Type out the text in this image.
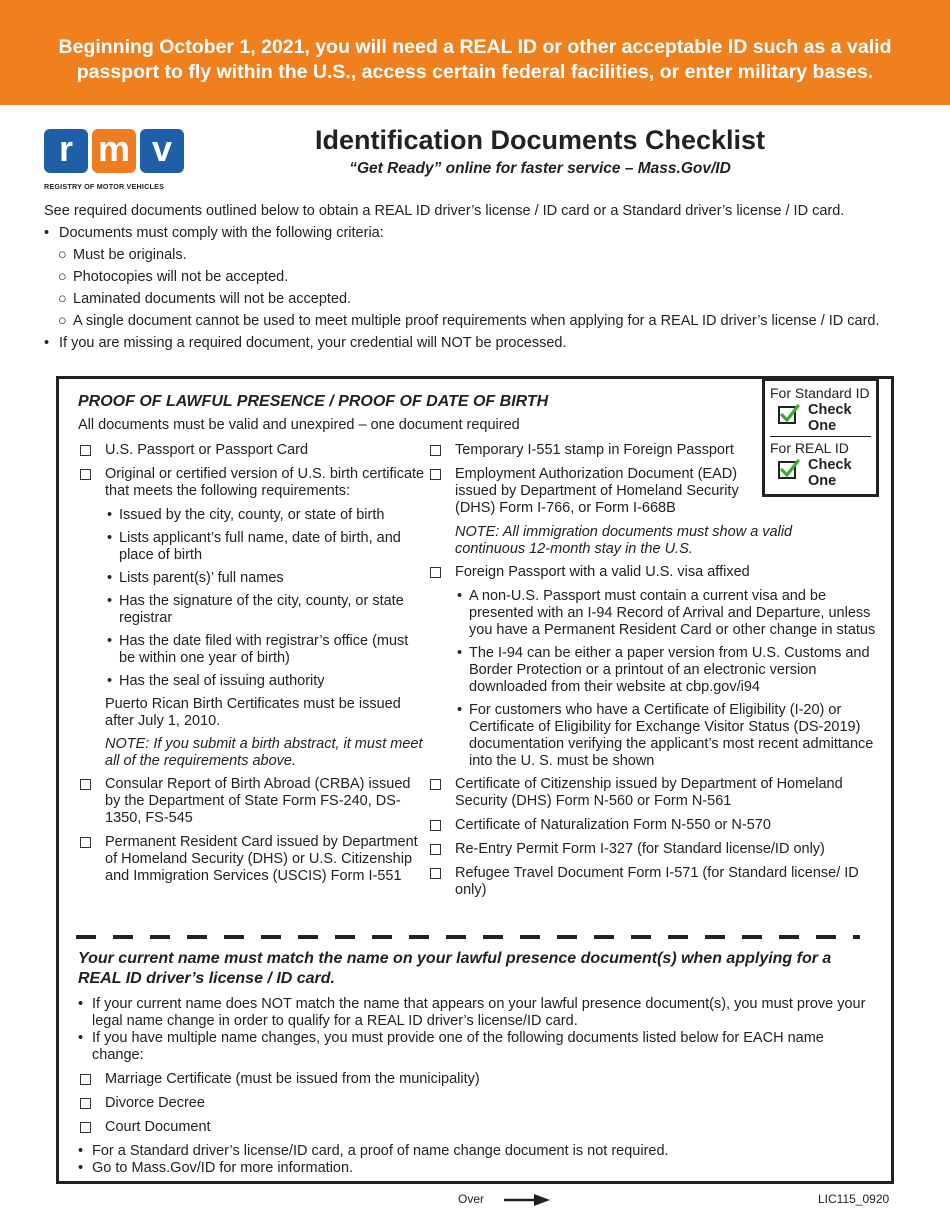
Beginning October 1, 2021, you will need a REAL ID or other acceptable ID such as a valid passport to fly within the U.S., access certain federal facilities, or enter military bases.
r m v
REGISTRY OF MOTOR VEHICLES
Identification Documents Checklist
“Get Ready” online for faster service – Mass.Gov/ID

See required documents outlined below to obtain a REAL ID driver’s license / ID card or a Standard driver’s license / ID card.

• Documents must comply with the following criteria:
○ Must be originals.
○ Photocopies will not be accepted.
○ Laminated documents will not be accepted.
○ A single document cannot be used to meet multiple proof requirements when applying for a REAL ID driver’s license / ID card.
• If you are missing a required document, your credential will NOT be processed.
PROOF OF LAWFUL PRESENCE / PROOF OF DATE OF BIRTH
All documents must be valid and unexpired – one document required
U.S. Passport or Passport Card
Original or certified version of U.S. birth certificate that meets the following requirements:
• Issued by the city, county, or state of birth
• Lists applicant’s full name, date of birth, and place of birth
• Lists parent(s)’ full names
• Has the signature of the city, county, or state registrar
• Has the date filed with registrar’s office (must be within one year of birth)
• Has the seal of issuing authority
Puerto Rican Birth Certificates must be issued after July 1, 2010.
NOTE: If you submit a birth abstract, it must meet all of the requirements above.
Consular Report of Birth Abroad (CRBA) issued by the Department of State Form FS-240, DS-1350, FS-545
Permanent Resident Card issued by Department of Homeland Security (DHS) or U.S. Citizenship and Immigration Services (USCIS) Form I-551
Temporary I-551 stamp in Foreign Passport
Employment Authorization Document (EAD) issued by Department of Homeland Security (DHS) Form I-766, or Form I-668B
NOTE: All immigration documents must show a valid continuous 12-month stay in the U.S.
Foreign Passport with a valid U.S. visa affixed
• A non-U.S. Passport must contain a current visa and be presented with an I-94 Record of Arrival and Departure, unless you have a Permanent Resident Card or other change in status
• The I-94 can be either a paper version from U.S. Customs and Border Protection or a printout of an electronic version downloaded from their website at cbp.gov/i94
• For customers who have a Certificate of Eligibility (I-20) or Certificate of Eligibility for Exchange Visitor Status (DS-2019) documentation verifying the applicant’s most recent admittance into the U. S. must be shown
Certificate of Citizenship issued by Department of Homeland Security (DHS) Form N-560 or Form N-561
Certificate of Naturalization Form N-550 or N-570
Re-Entry Permit Form I-327 (for Standard license/ID only)
Refugee Travel Document Form I-571 (for Standard license/ ID only)
Your current name must match the name on your lawful presence document(s) when applying for a REAL ID driver’s license / ID card.
• If your current name does NOT match the name that appears on your lawful presence document(s), you must prove your legal name change in order to qualify for a REAL ID driver’s license/ID card.
• If you have multiple name changes, you must provide one of the following documents listed below for EACH name change:
Marriage Certificate (must be issued from the municipality)
Divorce Decree
Court Document
• For a Standard driver’s license/ID card, a proof of name change document is not required.
• Go to Mass.Gov/ID for more information.
For Standard ID
Check
One
For REAL ID
Check
One
Over	LIC115_0920
